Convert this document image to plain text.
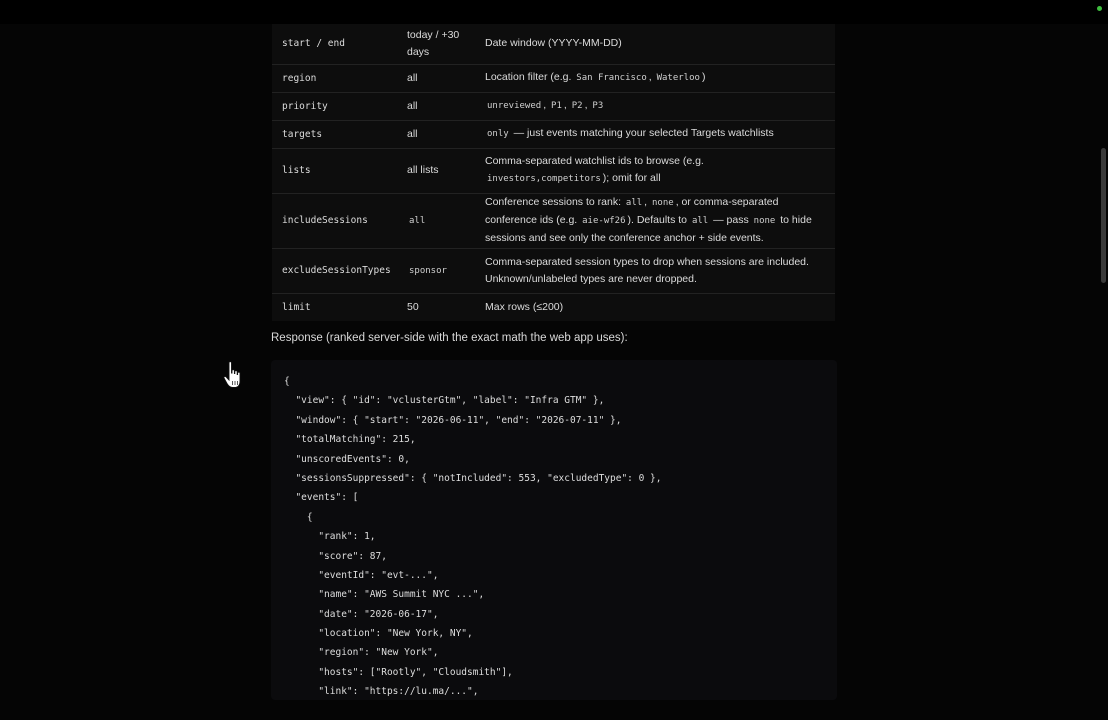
start / end	today / +30 days	Date window (YYYY-MM-DD)
region	all	Location filter (e.g. San Francisco , Waterloo )
priority	all	unreviewed , P1 , P2 , P3
targets	all	only — just events matching your selected Targets watchlists
lists	all lists	Comma-separated watchlist ids to browse (e.g. investors,competitors ); omit for all
includeSessions	all	Conference sessions to rank: all , none , or comma-separated conference ids (e.g. aie-wf26 ). Defaults to all — pass none to hide sessions and see only the conference anchor + side events.
excludeSessionTypes	sponsor	Comma-separated session types to drop when sessions are included. Unknown/unlabeled types are never dropped.
limit	50	Max rows (≤200)
Response (ranked server-side with the exact math the web app uses):
{
"view": { "id": "vclusterGtm", "label": "Infra GTM" },
"window": { "start": "2026-06-11", "end": "2026-07-11" },
"totalMatching": 215,
"unscoredEvents": 0,
"sessionsSuppressed": { "notIncluded": 553, "excludedType": 0 },
"events": [
{
"rank": 1,
"score": 87,
"eventId": "evt-...",
"name": "AWS Summit NYC ...",
"date": "2026-06-17",
"location": "New York, NY",
"region": "New York",
"hosts": ["Rootly", "Cloudsmith"],
"link": "https://lu.ma/...",
